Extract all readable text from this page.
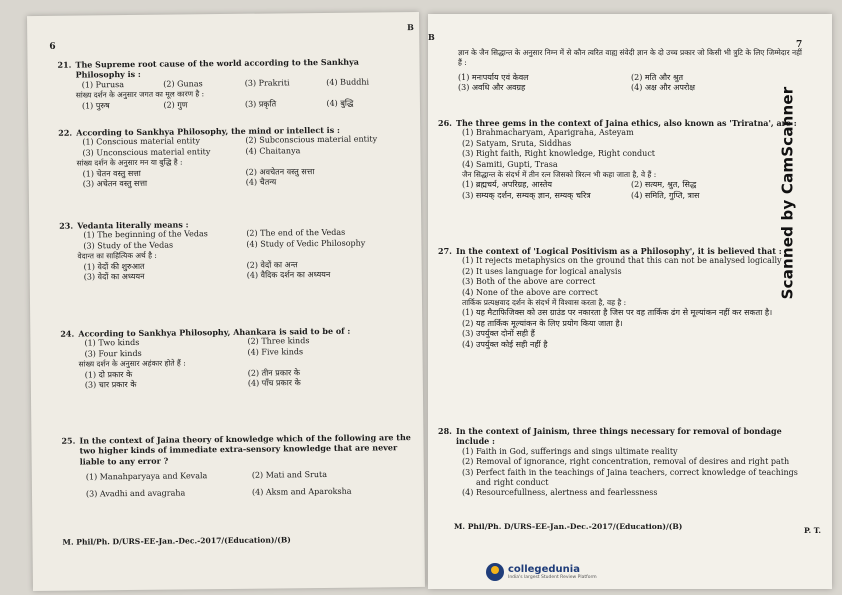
6
B
21. The Supreme root cause of the world according to the Sankhya Philosophy is :
(1) Purusa	(2) Gunas	(3) Prakriti	(4) Buddhi
सांख्य दर्शन के अनुसार जगत का मूल कारण है :
(1) पुरुष	(2) गुण	(3) प्रकृति	(4) बुद्धि
22. According to Sankhya Philosophy, the mind or intellect is :
(1) Conscious material entity	(2) Subconscious material entity
(3) Unconscious material entity	(4) Chaitanya
सांख्य दर्शन के अनुसार मन या बुद्धि है :
(1) चेतन वस्तु सत्ता	(2) अवचेतन वस्तु सत्ता
(3) अचेतन वस्तु सत्ता	(4) चैतन्य
23. Vedanta literally means :
(1) The beginning of the Vedas	(2) The end of the Vedas
(3) Study of the Vedas	(4) Study of Vedic Philosophy
वेदान्त का साहित्यिक अर्थ है :
(1) वेदों की शुरुआत	(2) वेदों का अन्त
(3) वेदों का अध्ययन	(4) वैदिक दर्शन का अध्ययन
24. According to Sankhya Philosophy, Ahankara is said to be of :
(1) Two kinds	(2) Three kinds
(3) Four kinds	(4) Five kinds
सांख्य दर्शन के अनुसार अहंकार होते हैं :
(1) दो प्रकार के	(2) तीन प्रकार के
(3) चार प्रकार के	(4) पाँच प्रकार के
25. In the context of Jaina theory of knowledge which of the following are the two higher kinds of immediate extra-sensory knowledge that are never liable to any error ?
(1) Manahparyaya and Kevala	(2) Mati and Sruta
(3) Avadhi and avagraha	(4) Aksm and Aparoksha
M. Phil/Ph. D/URS-EE-Jan.-Dec.-2017/(Education)/(B)
B
7
ज्ञान के जैन सिद्धान्त के अनुसार निम्न में से कौन त्वरित वाह्य संवेदी ज्ञान के दो उच्च प्रकार जो किसी भी त्रुटि के लिए जिम्मेदार नहीं हैं :
(1) मनःपर्याय एवं केवल	(2) मति और श्रुत
(3) अवधि और अवग्रह	(4) अक्ष और अपरोक्ष
26. The three gems in the context of Jaina ethics, also known as 'Triratna', are :
(1) Brahmacharyam, Aparigraha, Asteyam
(2) Satyam, Sruta, Siddhas
(3) Right faith, Right knowledge, Right conduct
(4) Samiti, Gupti, Trasa
जैन सिद्धान्त के संदर्भ में तीन रत्न जिसको त्रिरत्न भी कहा जाता है, वे हैं :
(1) ब्रह्मचर्य, अपरिग्रह, आस्तेय	(2) सत्यम, श्रुत, सिद्ध
(3) सम्यक् दर्शन, सम्यक् ज्ञान, सम्यक् चरित्र	(4) समिति, गुप्ति, त्रास
27. In the context of 'Logical Positivism as a Philosophy', it is believed that :
(1) It rejects metaphysics on the ground that this can not be analysed logically
(2) It uses language for logical analysis
(3) Both of the above are correct
(4) None of the above are correct
तार्किक प्रत्यक्षवाद दर्शन के संदर्भ में विश्वास करता है, वह है :
(1) यह मैटाफिजिक्स को उस ग्राउंड पर नकारता है जिस पर वह तार्किक ढंग से मूल्यांकन नहीं कर सकता है।
(2) यह तार्किक मूल्यांकन के लिए प्रयोग किया जाता है।
(3) उपर्युक्त दोनों सही हैं
(4) उपर्युक्त कोई सही नहीं है
28. In the context of Jainism, three things necessary for removal of bondage include :
(1) Faith in God, sufferings and sings ultimate reality
(2) Removal of ignorance, right concentration, removal of desires and right path
(3) Perfect faith in the teachings of Jaina teachers, correct knowledge of teachings and right conduct
(4) Resourcefullness, alertness and fearlessness
M. Phil/Ph. D/URS-EE-Jan.-Dec.-2017/(Education)/(B)	P. T.
collegedunia
India's largest Student Review Platform
Scanned by CamScanner
